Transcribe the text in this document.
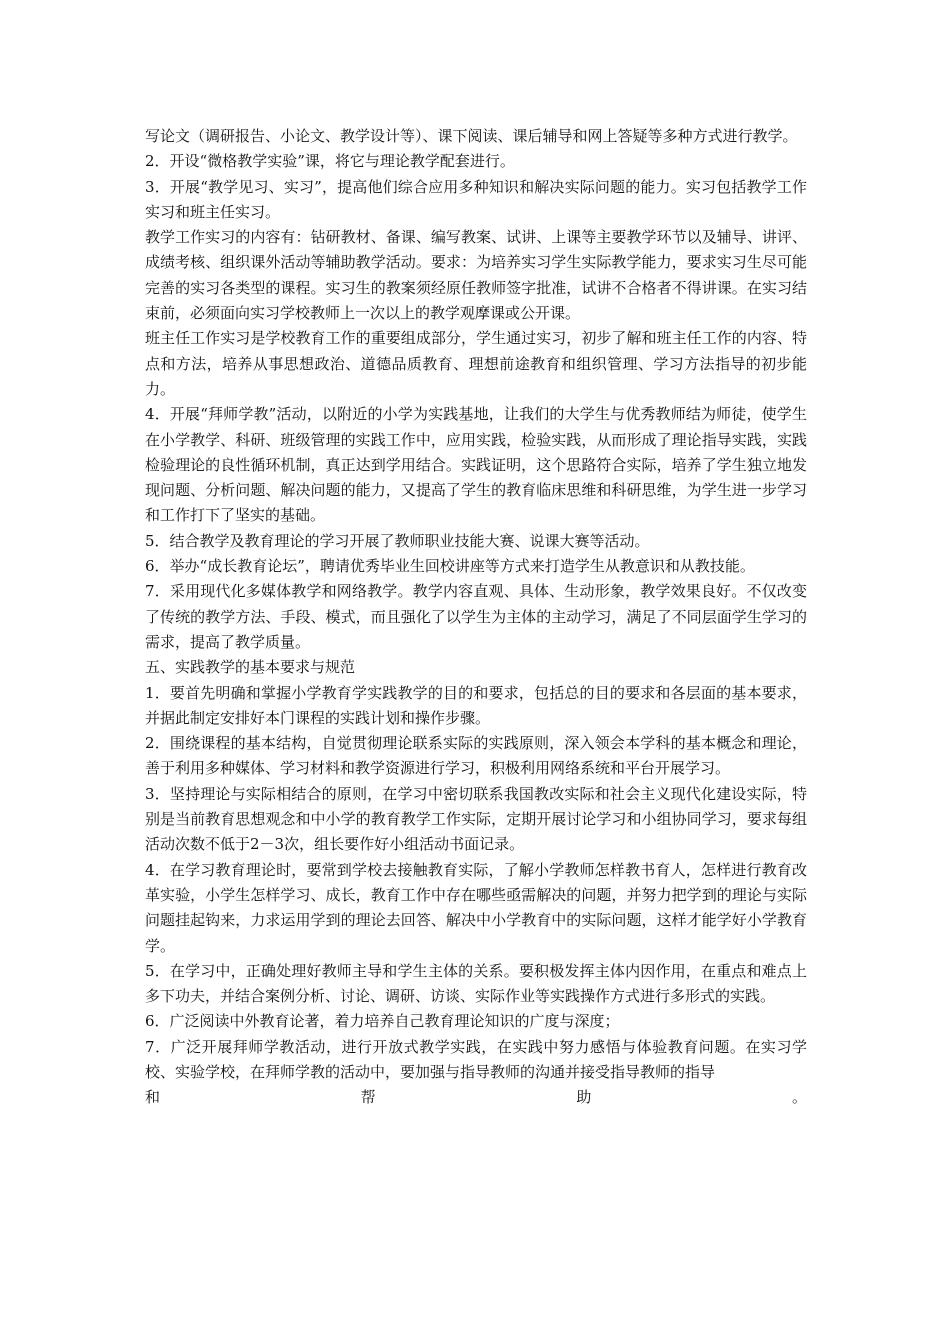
写论文（调研报告、小论文、教学设计等）、课下阅读、课后辅导和网上答疑等多种方式进行教学。

2．开设“微格教学实验”课，将它与理论教学配套进行。

3．开展“教学见习、实习”，提高他们综合应用多种知识和解决实际问题的能力。实习包括教学工作实习和班主任实习。

教学工作实习的内容有：钻研教材、备课、编写教案、试讲、上课等主要教学环节以及辅导、讲评、成绩考核、组织课外活动等辅助教学活动。要求：为培养实习学生实际教学能力，要求实习生尽可能完善的实习各类型的课程。实习生的教案须经原任教师签字批准，试讲不合格者不得讲课。在实习结束前，必须面向实习学校教师上一次以上的教学观摩课或公开课。

班主任工作实习是学校教育工作的重要组成部分，学生通过实习，初步了解和班主任工作的内容、特点和方法，培养从事思想政治、道德品质教育、理想前途教育和组织管理、学习方法指导的初步能力。

4．开展“拜师学教”活动，以附近的小学为实践基地，让我们的大学生与优秀教师结为师徒，使学生在小学教学、科研、班级管理的实践工作中，应用实践，检验实践，从而形成了理论指导实践，实践检验理论的良性循环机制，真正达到学用结合。实践证明，这个思路符合实际，培养了学生独立地发现问题、分析问题、解决问题的能力，又提高了学生的教育临床思维和科研思维，为学生进一步学习和工作打下了坚实的基础。

5．结合教学及教育理论的学习开展了教师职业技能大赛、说课大赛等活动。

6．举办“成长教育论坛”，聘请优秀毕业生回校讲座等方式来打造学生从教意识和从教技能。

7．采用现代化多媒体教学和网络教学。教学内容直观、具体、生动形象，教学效果良好。不仅改变了传统的教学方法、手段、模式，而且强化了以学生为主体的主动学习，满足了不同层面学生学习的需求，提高了教学质量。

五、实践教学的基本要求与规范

1．要首先明确和掌握小学教育学实践教学的目的和要求，包括总的目的要求和各层面的基本要求，并据此制定安排好本门课程的实践计划和操作步骤。

2．围绕课程的基本结构，自觉贯彻理论联系实际的实践原则，深入领会本学科的基本概念和理论，善于利用多种媒体、学习材料和教学资源进行学习，积极利用网络系统和平台开展学习。

3．坚持理论与实际相结合的原则，在学习中密切联系我国教改实际和社会主义现代化建设实际，特别是当前教育思想观念和中小学的教育教学工作实际，定期开展讨论学习和小组协同学习，要求每组活动次数不低于2－3次，组长要作好小组活动书面记录。

4．在学习教育理论时，要常到学校去接触教育实际，了解小学教师怎样教书育人，怎样进行教育改革实验，小学生怎样学习、成长，教育工作中存在哪些亟需解决的问题，并努力把学到的理论与实际问题挂起钩来，力求运用学到的理论去回答、解决中小学教育中的实际问题，这样才能学好小学教育学。

5．在学习中，正确处理好教师主导和学生主体的关系。要积极发挥主体内因作用，在重点和难点上多下功夫，并结合案例分析、讨论、调研、访谈、实际作业等实践操作方式进行多形式的实践。

6．广泛阅读中外教育论著，着力培养自己教育理论知识的广度与深度；

7．广泛开展拜师学教活动，进行开放式教学实践，在实践中努力感悟与体验教育问题。在实习学校、实验学校，在拜师学教的活动中，要加强与指导教师的沟通并接受指导教师的指导

和	帮	助	。
